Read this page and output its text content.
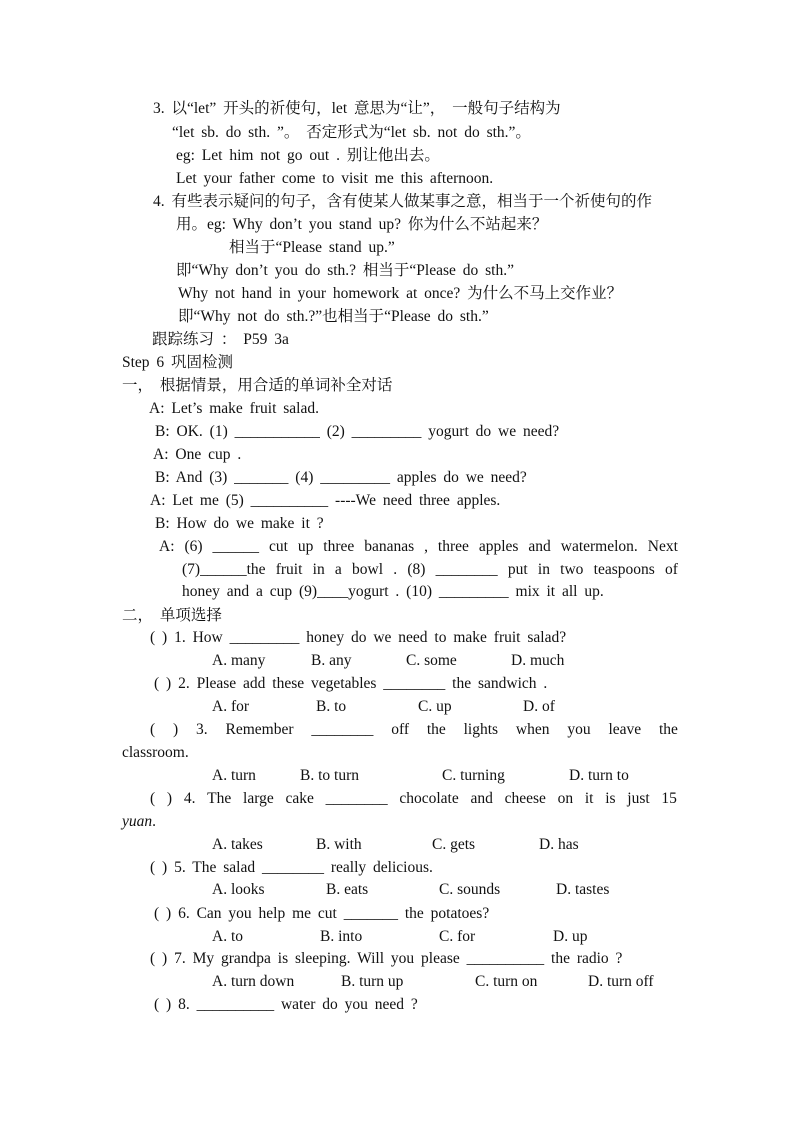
3. 以“let” 开头的祈使句，let 意思为“让”， 一般句子结构为
“let sb. do sth. ”。 否定形式为“let sb. not do sth.”。
eg: Let him not go out . 别让他出去。
Let your father come to visit me this afternoon.
4. 有些表示疑问的句子，含有使某人做某事之意，相当于一个祈使句的作
用。eg: Why don’t you stand up? 你为什么不站起来？
相当于“Please stand up.”
即“Why don’t you do sth.? 相当于“Please do sth.”
Why not hand in your homework at once? 为什么不马上交作业？
即“Why not do sth.?”也相当于“Please do sth.”
跟踪练习 ： P59 3a
Step 6 巩固检测
一， 根据情景，用合适的单词补全对话
A: Let’s make fruit salad.
B: OK. (1) ___________ (2) _________ yogurt do we need?
A: One cup .
B: And (3) _______ (4) _________ apples do we need?
A: Let me (5) __________ ----We need three apples.
B: How do we make it ?
A: (6) ______ cut up three bananas , three apples and watermelon. Next
(7)______the fruit in a bowl . (8) ________ put in two teaspoons of
honey and a cup (9)____yogurt . (10) _________ mix it all up.
二， 单项选择
( ) 1. How _________ honey do we need to make fruit salad?
A. many	B. any	C. some	D. much
( ) 2. Please add these vegetables ________ the sandwich .
A. for	B. to	C. up	D. of
( ) 3. Remember ________ off the lights when you leave the
classroom.
A. turn	B. to turn	C. turning	D. turn to
( ) 4. The large cake ________ chocolate and cheese on it is just 15
yuan.
A. takes	B. with	C. gets	D. has
( ) 5. The salad ________ really delicious.
A. looks	B. eats	C. sounds	D. tastes
( ) 6. Can you help me cut _______ the potatoes?
A. to	B. into	C. for	D. up
( ) 7. My grandpa is sleeping. Will you please __________ the radio ?
A. turn down	B. turn up	C. turn on	D. turn off
( ) 8. __________ water do you need ?
